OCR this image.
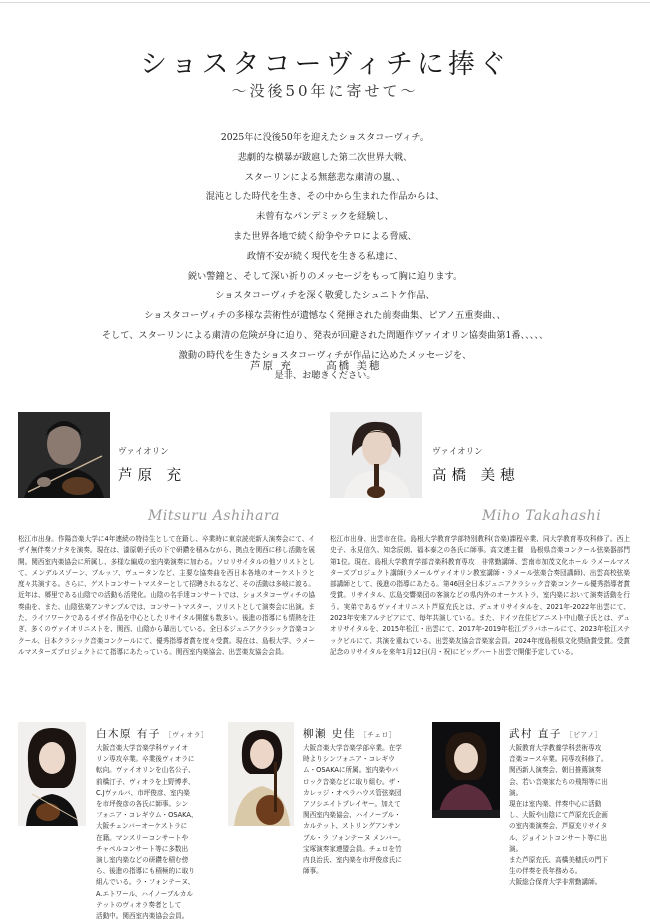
ショスタコーヴィチに捧ぐ
〜没後50年に寄せて〜
2025年に没後50年を迎えたショスタコーヴィチ。
悲劇的な横暴が跋扈した第二次世界大戦、
スターリンによる無慈悲な粛清の嵐、、
混沌とした時代を生き、その中から生まれた作品からは、
未曾有なパンデミックを経験し、
また世界各地で続く紛争やテロによる脅威、
政情不安が続く現代を生きる私達に、
鋭い警鐘と、そして深い祈りのメッセージをもって胸に迫ります。
ショスタコーヴィチを深く敬愛したシュニトケ作品、
ショスタコーヴィチの多様な芸術性が遺憾なく発揮された前奏曲集、ピアノ五重奏曲、、
そして、スターリンによる粛清の危険が身に迫り、発表が回避された問題作ヴァイオリン協奏曲第1番、、、、、
激動の時代を生きたショスタコーヴィチが作品に込めたメッセージを、
是非、お聴きください。
芦原 充	高橋 美穂
ヴァイオリン
芦原 充
Mitsuru Ashihara
松江市出身。作陽音楽大学に4年連続の特待生として在籍し、卒業時に東京読売新人演奏会にて、イザイ無伴奏ソナタを演奏。現在は、漆原朝子氏の下で研鑽を積みながら、拠点を関西に移し活動を展開。関西室内楽協会に所属し、多様な編成の室内楽演奏に加わる。ソロリサイタルの他ソリストとして、メンデルスゾーン、ブルッフ、ヴュータンなど、主要な協奏曲を西日本各地のオーケストラと度々共演する。さらに、ゲストコンサートマスターとして招聘されるなど、その活動は多岐に渡る。近年は、郷里である山陰での活動も活発化。山陰の名手達コンサートでは、ショスタコーヴィチの協奏曲を、また、山陰弦楽アンサンブルでは、コンサートマスター、ソリストとして演奏会に出演。また、ライフワークであるイザイ作品を中心としたリサイタル開催も数多い。後進の指導にも情熱を注ぎ、多くのヴァイオリニストを、関西、山陰から輩出している。全日本ジュニアクラシック音楽コンクール、日本クラシック音楽コンクールにて、優秀指導者賞を度々受賞。現在は、島根大学、ラメールマスターズプロジェクトにて指導にあたっている。関西室内楽協会、出雲楽友協会会員。
ヴァイオリン
高橋 美穂
Miho Takahashi
松江市出身、出雲市在住。島根大学教育学部特別教科(音楽)課程卒業、同大学教育専攻科修了。西上史子、永見信久、知念辰朗、福本泰之の各氏に師事。高文連主催　島根県音楽コンクール弦楽器部門第1位。現在、島根大学教育学部音楽科教育専攻　非常勤講師、雲南市加茂文化ホール ラメールマスターズプロジェクト講師(ラメールヴァイオリン教室講師・ラメール弦楽合奏団講師)、出雲高校弦楽部講師として、後進の指導にあたる。第46回全日本ジュニアクラシック音楽コンクール優秀指導者賞受賞。リサイタル、広島交響楽団の客演などの県内外のオーケストラ、室内楽において演奏活動を行う。実弟であるヴァイオリニスト芦原充氏とは、デュオリサイタルを、2021年-2022年出雲にて、2023年安来アルテピアにて、毎年共演している。また、ドイツ在住ピアニスト中山敬子氏とは、デュオリサイタルを、2015年松江・出雲にて、2017年-2019年松江プラバホールにて、2023年松江ステックビルにて、共演を重ねている。出雲楽友協会音楽家会員。2024年度島根県文化奨励賞受賞。受賞記念のリサイタルを来年1月12日(月・祝)にビッグハート出雲で開催予定している。
白木原 有子 ［ヴィオラ］
大阪音楽大学音楽学科ヴァイオ
リン専攻卒業。卒業後ヴィオラに
転向。ヴァイオリンを山名公子、
前橋汀子、ヴィオラを上野博孝、
C.Jヴァルバ、市坪俊彦、室内楽
を市坪俊彦の各氏に師事。シン
フォニア・コレギウム・OSAKA、
大阪チェンバーオーケストラに
在籍。マンスリーコンサートや
チャペルコンサート等に多数出
演し室内楽などの研鑽を積む傍
ら、後進の指導にも積極的に取り
組んでいる。ラ・フォンテーヌ、
A.エトワール、ハイノーブルカル
テットのヴィオラ奏者として
活動中。関西室内楽協会会員。
柳瀬 史佳 ［チェロ］
大阪音楽大学音楽学部卒業。在学
時よりシンフォニア・コレギウ
ム・OSAKAに所属。室内楽やバ
ロック音楽などに取り組む。ザ・
カレッジ・オペラハウス管弦楽団
アソシエイトプレイヤー。加えて
関西室内楽協会、ハイノーブル・
カルテット、ストリングアンサン
ブル・ラ フォンテーヌ メンバー。
宝塚演奏家連盟会員。チェロを竹
内良治氏、室内楽を市坪俊彦氏に
師事。
武村 直子 ［ピアノ］
大阪教育大学教養学科芸術専攻
音楽コース卒業。同専攻科修了。
関西新人演奏会、朝日推薦演奏
会、若い音楽家たちの飛翔等に出
演。
現在は室内楽、伴奏中心に活動
し、大阪や山陰にて芦原充氏企画
の室内楽演奏会、芦原充リサイタ
ル、ジョイントコンサート等に出
演。
また芦原充氏、高橋美穂氏の門下
生の伴奏を長年務める。
大阪総合保育大学非常勤講師。
